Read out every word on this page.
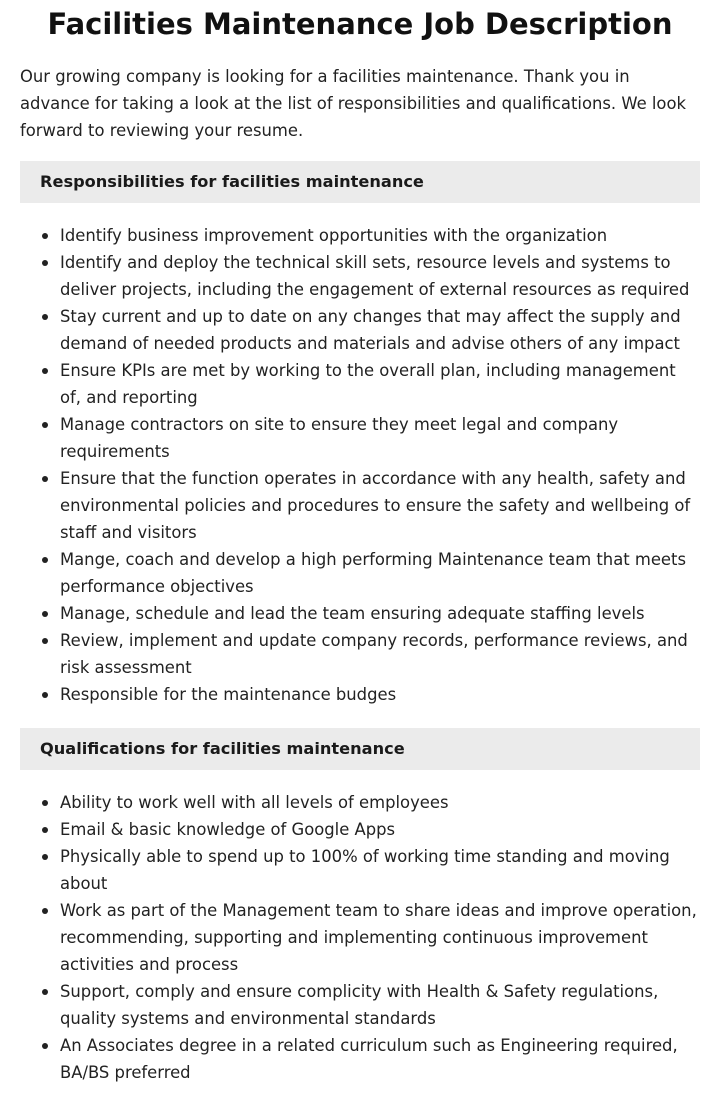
Facilities Maintenance Job Description

Our growing company is looking for a facilities maintenance. Thank you in advance for taking a look at the list of responsibilities and qualifications. We look forward to reviewing your resume.

Responsibilities for facilities maintenance
Identify business improvement opportunities with the organization
Identify and deploy the technical skill sets, resource levels and systems to deliver projects, including the engagement of external resources as required
Stay current and up to date on any changes that may affect the supply and demand of needed products and materials and advise others of any impact
Ensure KPIs are met by working to the overall plan, including management of, and reporting
Manage contractors on site to ensure they meet legal and company requirements
Ensure that the function operates in accordance with any health, safety and environmental policies and procedures to ensure the safety and wellbeing of staff and visitors
Mange, coach and develop a high performing Maintenance team that meets performance objectives
Manage, schedule and lead the team ensuring adequate staffing levels
Review, implement and update company records, performance reviews, and risk assessment
Responsible for the maintenance budges
Qualifications for facilities maintenance
Ability to work well with all levels of employees
Email & basic knowledge of Google Apps
Physically able to spend up to 100% of working time standing and moving about
Work as part of the Management team to share ideas and improve operation, recommending, supporting and implementing continuous improvement activities and process
Support, comply and ensure complicity with Health & Safety regulations, quality systems and environmental standards
An Associates degree in a related curriculum such as Engineering required, BA/BS preferred
